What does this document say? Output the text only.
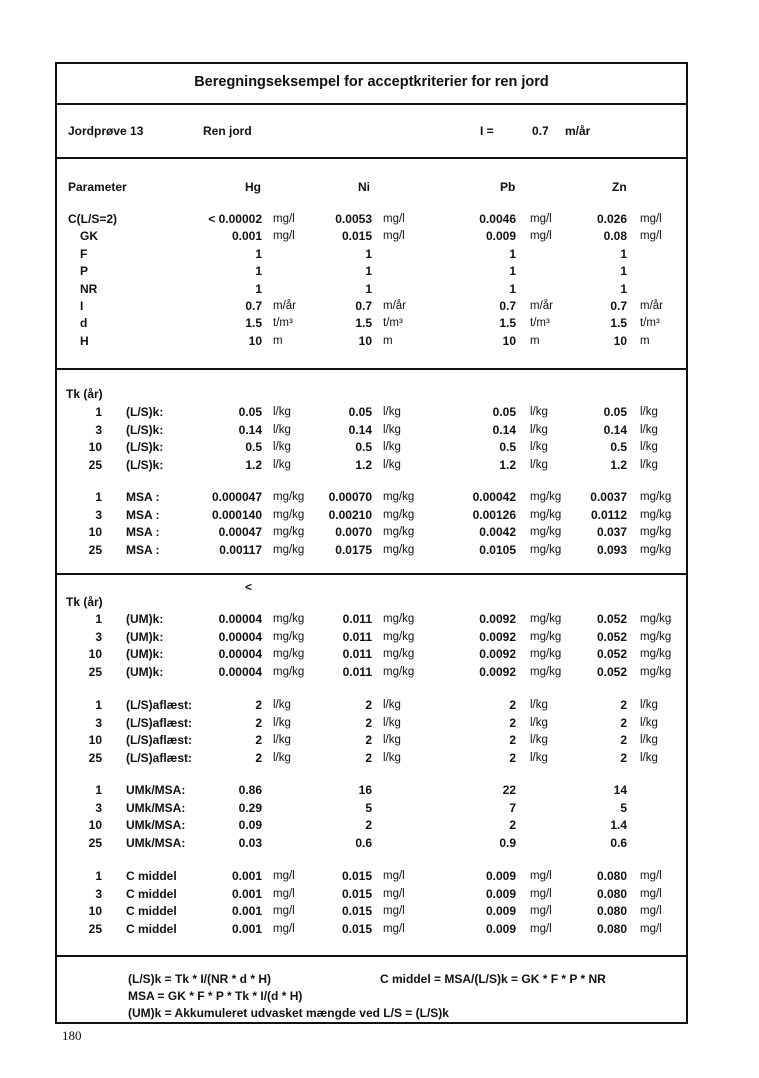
Beregningseksempel for acceptkriterier for ren jord
Jordprøve 13	Ren jord	I =	0.7 m/år
Parameter	Hg	Ni	Pb	Zn
<
C(L/S=2)	< 0.00002 mg/l	0.0053 mg/l	0.0046 mg/l	0.026 mg/l
GK	0.001 mg/l	0.015 mg/l	0.009 mg/l	0.08 mg/l
F	1	1	1	1
P	1	1	1	1
NR	1	1	1	1
I	0.7 m/år	0.7 m/år	0.7 m/år	0.7 m/år
d	1.5 t/m³	1.5 t/m³	1.5 t/m³	1.5 t/m³
H	10 m	10 m	10 m	10 m
1 (L/S)k:	0.05 l/kg	0.05 l/kg	0.05 l/kg	0.05 l/kg
3 (L/S)k:	0.14 l/kg	0.14 l/kg	0.14 l/kg	0.14 l/kg
10 (L/S)k:	0.5 l/kg	0.5 l/kg	0.5 l/kg	0.5 l/kg
25 (L/S)k:	1.2 l/kg	1.2 l/kg	1.2 l/kg	1.2 l/kg
1 MSA :	0.000047 mg/kg	0.00070 mg/kg	0.00042 mg/kg	0.0037 mg/kg
3 MSA :	0.000140 mg/kg	0.00210 mg/kg	0.00126 mg/kg	0.0112 mg/kg
10 MSA :	0.00047 mg/kg	0.0070 mg/kg	0.0042 mg/kg	0.037 mg/kg
25 MSA :	0.00117 mg/kg	0.0175 mg/kg	0.0105 mg/kg	0.093 mg/kg
1 (UM)k:	0.00004 mg/kg	0.011 mg/kg	0.0092 mg/kg	0.052 mg/kg
3 (UM)k:	0.00004 mg/kg	0.011 mg/kg	0.0092 mg/kg	0.052 mg/kg
10 (UM)k:	0.00004 mg/kg	0.011 mg/kg	0.0092 mg/kg	0.052 mg/kg
25 (UM)k:	0.00004 mg/kg	0.011 mg/kg	0.0092 mg/kg	0.052 mg/kg
1 (L/S)aflæst:	2 l/kg	2 l/kg	2 l/kg	2 l/kg
3 (L/S)aflæst:	2 l/kg	2 l/kg	2 l/kg	2 l/kg
10 (L/S)aflæst:	2 l/kg	2 l/kg	2 l/kg	2 l/kg
25 (L/S)aflæst:	2 l/kg	2 l/kg	2 l/kg	2 l/kg
1 UMk/MSA:	0.86	16	22	14
3 UMk/MSA:	0.29	5	7	5
10 UMk/MSA:	0.09	2	2	1.4
25 UMk/MSA:	0.03	0.6	0.9	0.6
1 C middel	0.001 mg/l	0.015 mg/l	0.009 mg/l	0.080 mg/l
3 C middel	0.001 mg/l	0.015 mg/l	0.009 mg/l	0.080 mg/l
10 C middel	0.001 mg/l	0.015 mg/l	0.009 mg/l	0.080 mg/l
25 C middel	0.001 mg/l	0.015 mg/l	0.009 mg/l	0.080 mg/l
Tk (år)
Tk (år)
(L/S)k = Tk * I/(NR * d * H)	C middel = MSA/(L/S)k = GK * F * P * NR
MSA = GK * F * P * Tk * I/(d * H)
(UM)k = Akkumuleret udvasket mængde ved L/S = (L/S)k
180
